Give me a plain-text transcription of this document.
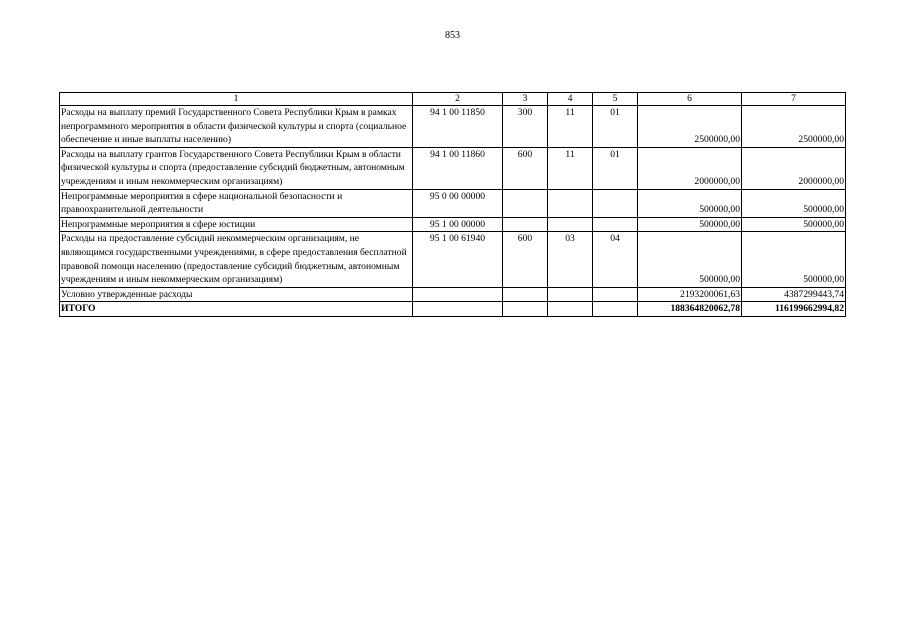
853
1	2	3	4	5	6	7
Расходы на выплату премий Государственного Совета Республики Крым в рамках непрограммного мероприятия в области физической культуры и спорта (социальное обеспечение и иные выплаты населению)	94 1 00 11850	300	11	01	2500000,00	2500000,00
Расходы на выплату грантов Государственного Совета Республики Крым в области физической культуры и спорта (предоставление субсидий бюджетным, автономным учреждениям и иным некоммерческим организациям)	94 1 00 11860	600	11	01	2000000,00	2000000,00
Непрограммные мероприятия в сфере национальной безопасности и правоохранительной деятельности	95 0 00 00000				500000,00	500000,00
Непрограммные мероприятия в сфере юстиции	95 1 00 00000				500000,00	500000,00
Расходы на предоставление субсидий некоммерческим организациям, не являющимся государственными учреждениями, в сфере предоставления бесплатной правовой помощи населению (предоставление субсидий бюджетным, автономным учреждениям и иным некоммерческим организациям)	95 1 00 61940	600	03	04	500000,00	500000,00
Условно утвержденные расходы					2193200061,63	4387299443,74
ИТОГО					188364820062,78	116199662994,82
